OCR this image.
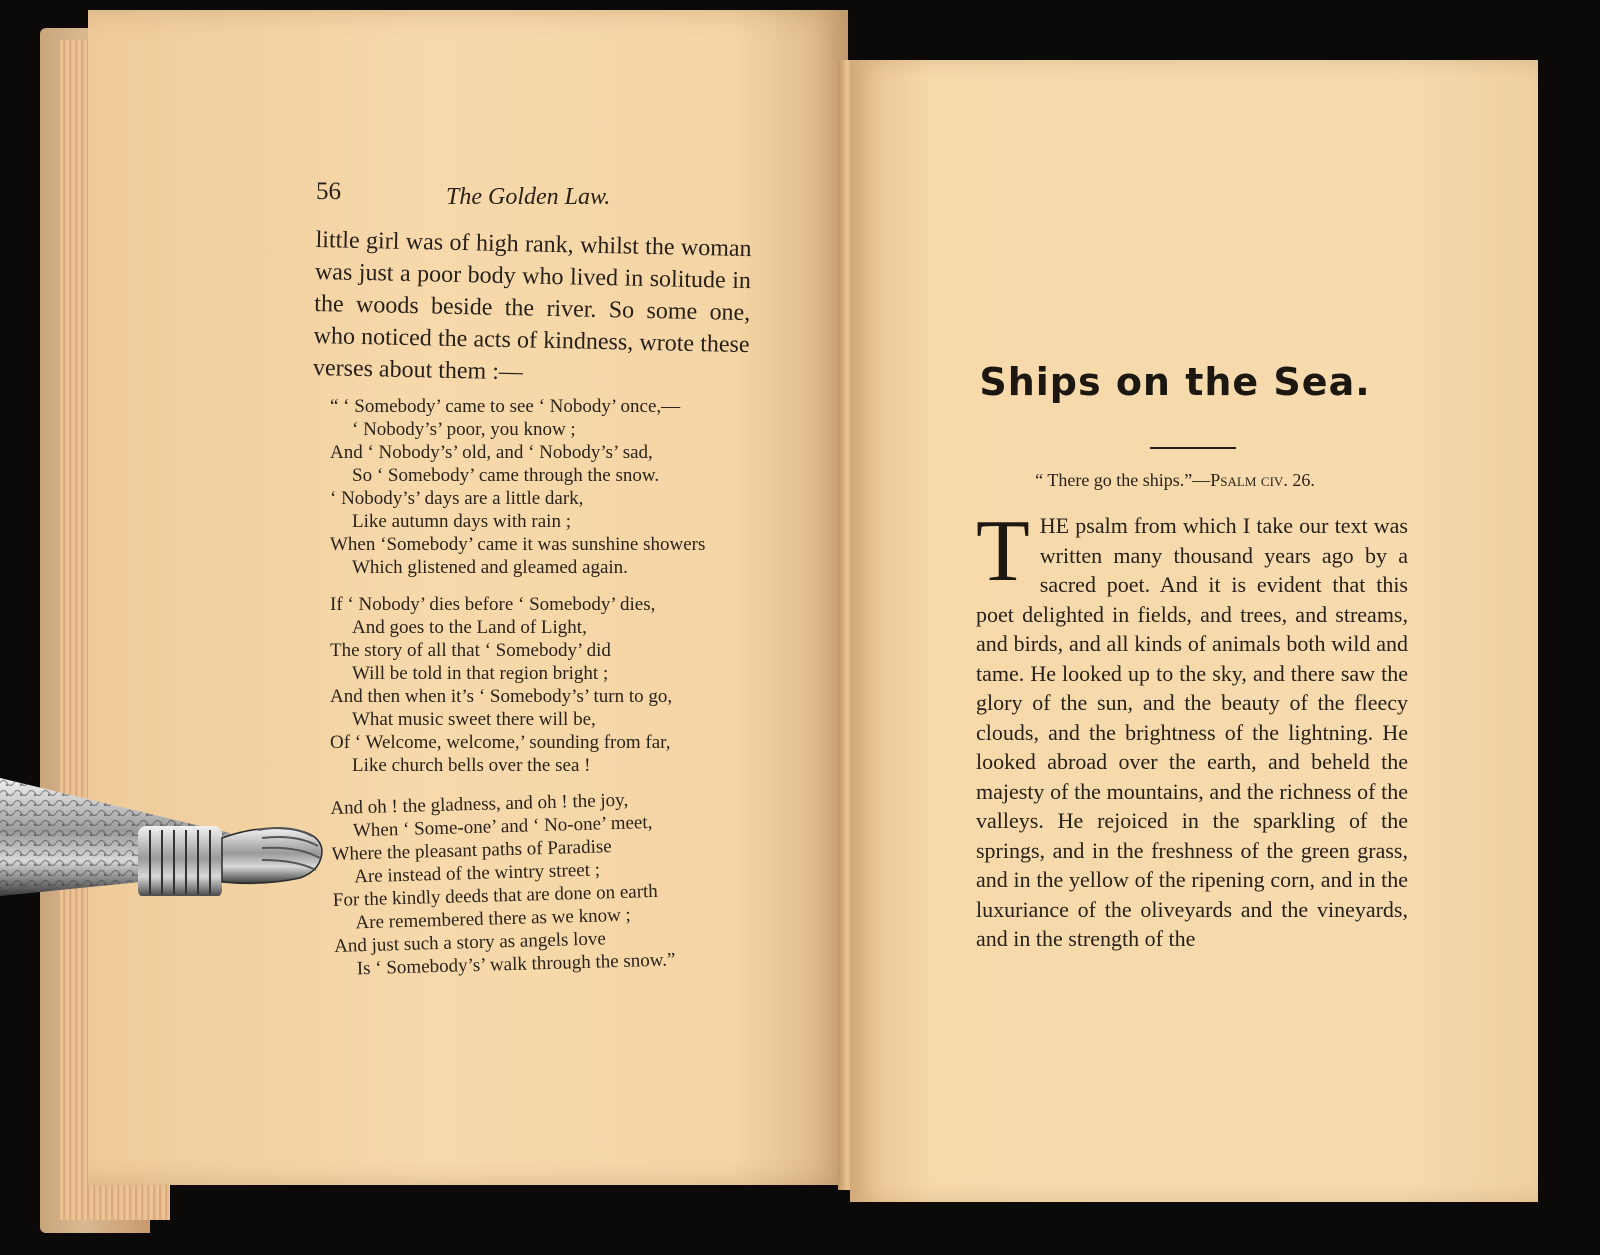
56	The Golden Law.

little girl was of high rank, whilst the woman was just a poor body who lived in solitude in the woods beside the river. So some one, who noticed the acts of kindness, wrote these verses about them :—

“ ‘ Somebody’ came to see ‘ Nobody’ once,—
‘ Nobody’s’ poor, you know ;
And ‘ Nobody’s’ old, and ‘ Nobody’s’ sad,
So ‘ Somebody’ came through the snow.
‘ Nobody’s’ days are a little dark,
Like autumn days with rain ;
When ‘Somebody’ came it was sunshine showers
Which glistened and gleamed again.
If ‘ Nobody’ dies before ‘ Somebody’ dies,
And goes to the Land of Light,
The story of all that ‘ Somebody’ did
Will be told in that region bright ;
And then when it’s ‘ Somebody’s’ turn to go,
What music sweet there will be,
Of ‘ Welcome, welcome,’ sounding from far,
Like church bells over the sea !
And oh ! the gladness, and oh ! the joy,
When ‘ Some-one’ and ‘ No-one’ meet,
Where the pleasant paths of Paradise
Are instead of the wintry street ;
For the kindly deeds that are done on earth
Are remembered there as we know ;
And just such a story as angels love
Is ‘ Somebody’s’ walk through the snow.”
Ships on the Sea.
“ There go the ships.”—Psalm civ. 26.

THE psalm from which I take our text was written many thousand years ago by a sacred poet. And it is evident that this poet delighted in fields, and trees, and streams, and birds, and all kinds of animals both wild and tame. He looked up to the sky, and there saw the glory of the sun, and the beauty of the fleecy clouds, and the brightness of the lightning. He looked abroad over the earth, and beheld the majesty of the mountains, and the richness of the valleys. He rejoiced in the sparkling of the springs, and in the freshness of the green grass, and in the yellow of the ripening corn, and in the luxuriance of the oliveyards and the vineyards, and in the strength of the
